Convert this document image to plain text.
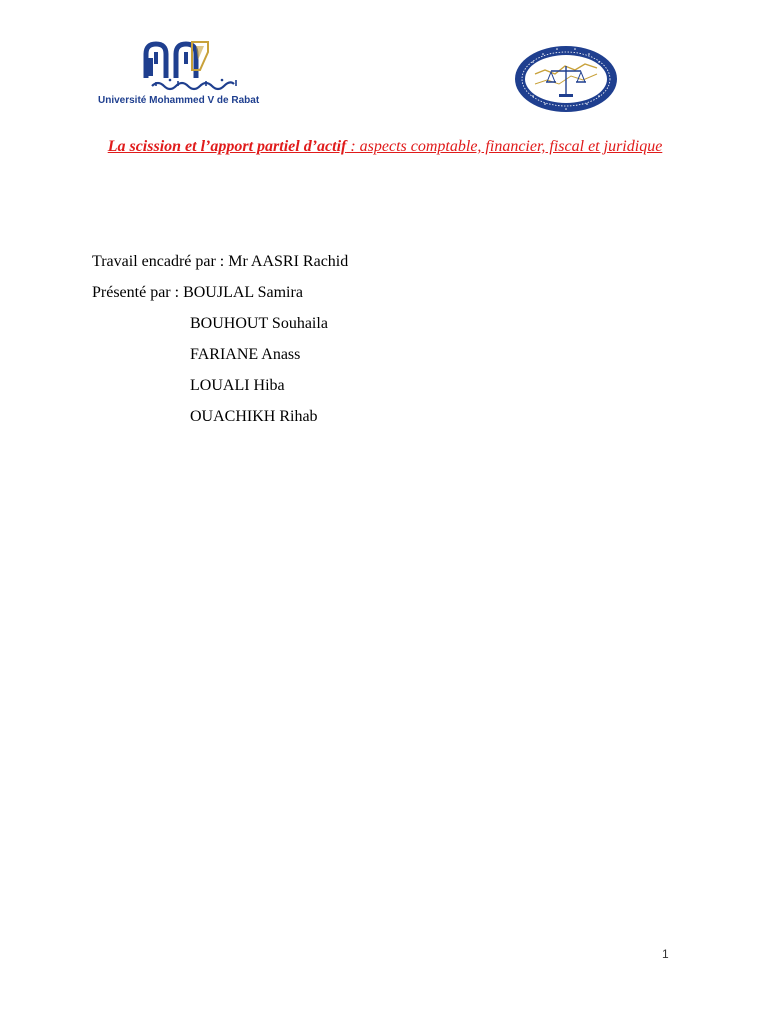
Université Mohammed V de Rabat
La scission et l’apport partiel d’actif : aspects comptable, financier, fiscal et juridique
Travail encadré par : Mr AASRI Rachid
Présenté par : BOUJLAL Samira
BOUHOUT Souhaila
FARIANE Anass
LOUALI Hiba
OUACHIKH Rihab
1
